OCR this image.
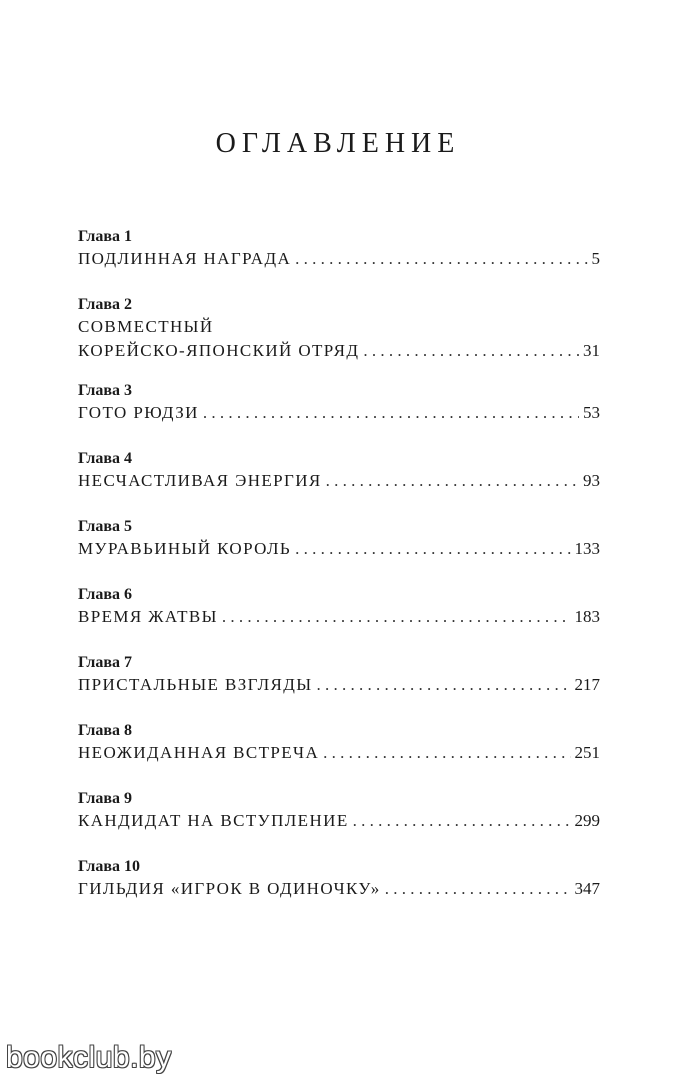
ОГЛАВЛЕНИЕ
Глава 1
ПОДЛИННАЯ НАГРАДА . . .	5
Глава 2
СОВМЕСТНЫЙ
КОРЕЙСКО-ЯПОНСКИЙ ОТРЯД . . .	31
Глава 3
ГОТО РЮДЗИ . . .	53
Глава 4
НЕСЧАСТЛИВАЯ ЭНЕРГИЯ . . .	93
Глава 5
МУРАВЬИНЫЙ КОРОЛЬ . . .	133
Глава 6
ВРЕМЯ ЖАТВЫ . . .	183
Глава 7
ПРИСТАЛЬНЫЕ ВЗГЛЯДЫ . . .	217
Глава 8
НЕОЖИДАННАЯ ВСТРЕЧА . . .	251
Глава 9
КАНДИДАТ НА ВСТУПЛЕНИЕ . . .	299
Глава 10
ГИЛЬДИЯ «ИГРОК В ОДИНОЧКУ» . . .	347
bookclub.by
